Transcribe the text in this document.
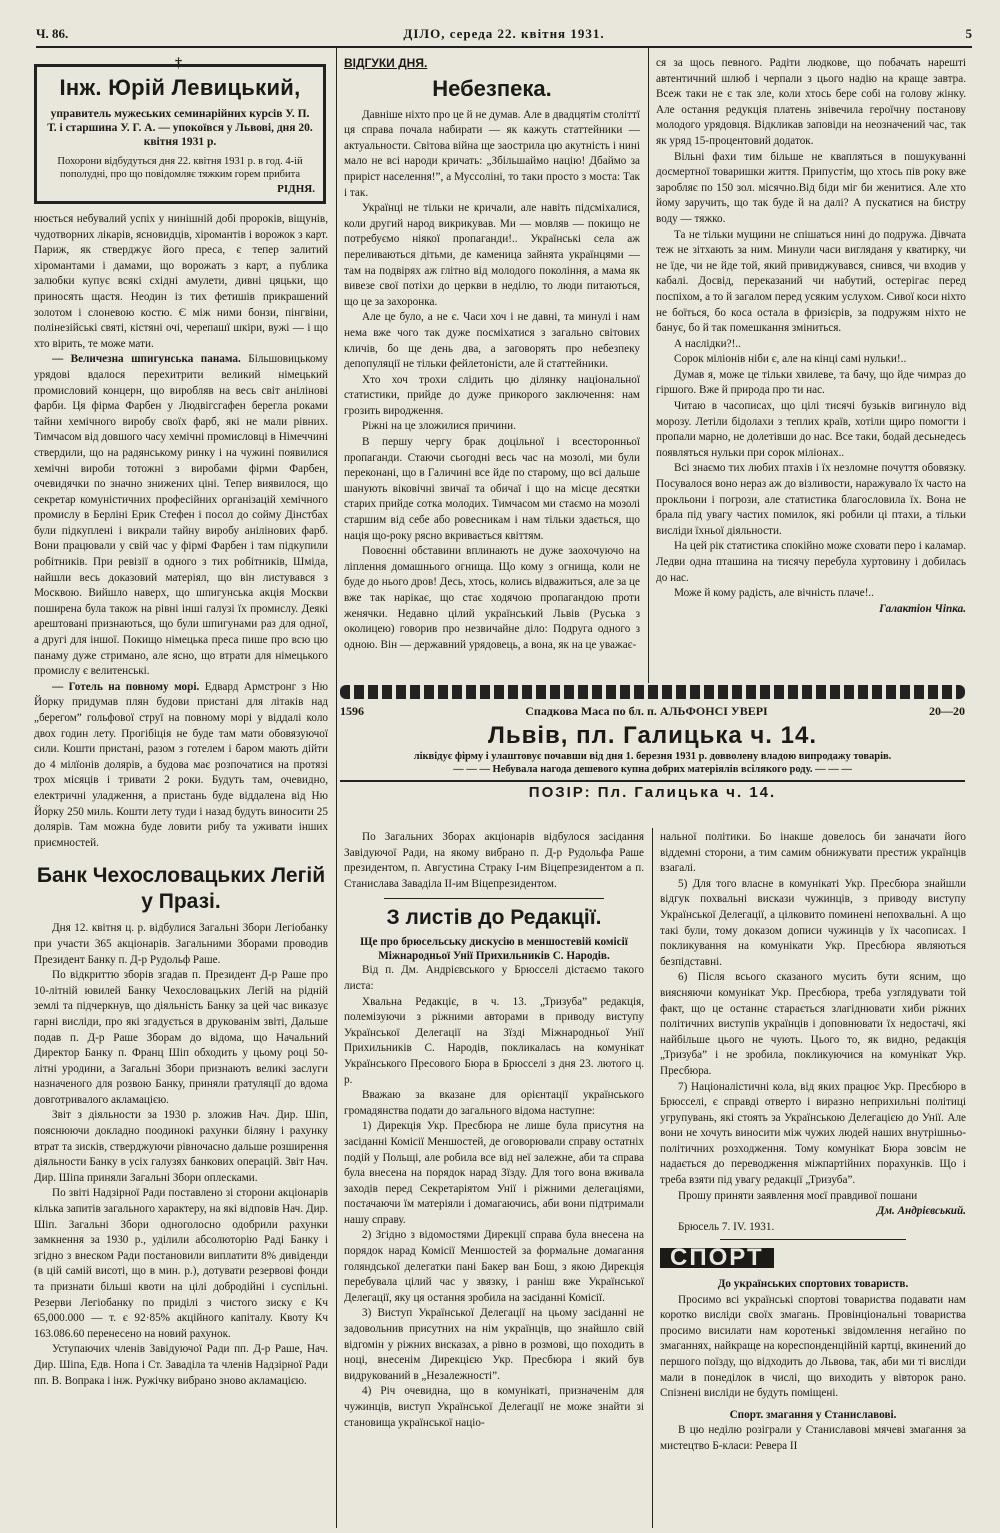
Ч. 86.	ДІЛО, середа 22. квітня 1931.	5
†
Інж. Юрій Левицький,
управитель мужеських семинарійних курсів У. П. Т. і старшина У. Г. А. — упокоївся у Львові, дня 20. квітня 1931 р.
Похорони відбудуться дня 22. квітня 1931 р. в год. 4-ій пополудні, про що повідомляє тяжким горем прибита
РІДНЯ.

нюється небувалий успіх у нинішній добі пророків, віщунів, чудотворних лікарів, ясновидців, хіромантів і ворожок з карт. Париж, як стверджує його преса, є тепер залитий хіромантами і дамами, що ворожать з карт, а публика залюбки купує всякі східні амулети, дивні цяцьки, що приносять щастя. Неодин із тих фетишів прикрашений золотом і слоневою костю. Є між ними бонзи, пінгвіни, полінезійські святі, кістяні очі, черепашї шкіри, вужі — і що хто вірить, те може мати.

— Величезна шпигунська панама. Більшовицькому урядові вдалося перехитрити великий німецький промисловий концерн, що виробляв на весь світ анілінові фарби. Ця фірма Фарбен у Людвігсгафен берегла роками тайни хемічного виробу своїх фарб, які не мали рівних. Тимчасом від довшого часу хемічні промисловці в Німеччині ствердили, що на радянському ринку і на чужині появилися хемічні вироби тотожні з виробами фірми Фарбен, очевидячки по значно знижених ціні. Тепер виявилося, що секретар комуністичних професійних організацій хемічного промислу в Берліні Ерик Стефен і посол до сойму Дінстбах були підкуплені і викрали тайну виробу анілінових фарб. Вони працювали у свій час у фірмі Фарбен і там підкупили робітників. При ревізії в одного з тих робітників, Шміда, найшли весь доказовий матеріял, що він листувався з Москвою. Вийшло наверх, що шпигунська акція Москви поширена була також на рівні інші галузі їх промислу. Деякі арештовані признаються, що були шпигунами раз для одної, а другі для іншої. Покищо німецька преса пише про всю цю панаму дуже стримано, але ясно, що втрати для німецького промислу є велитенські.

— Готель на повному морі. Едвард Армстронг з Ню Йорку придумав плян будови пристані для літаків над „берегом” гольфової струї на повному морі у віддалі коло двох годин лету. Прогібіція не буде там мати обовязуючої сили. Кошти пристані, разом з готелем і баром мають дійти до 4 мілїонів долярів, а будова має розпочатися на протязі трох місяців і тривати 2 роки. Будуть там, очевидно, електричні уладження, а пристань буде віддалена від Ню Йорку 250 миль. Кошти лету туди і назад будуть виносити 25 долярів. Там можна буде ловити рибу та уживати інших приємностей.

Банк Чехословацьких Легій
у Празі.

Дня 12. квітня ц. р. відбулися Загальні Збори Легіобанку при участи 365 акціонарів. Загальними Зборами проводив Президент Банку п. Д-р Рудольф Раше.

По відкриттю зборів згадав п. Президент Д-р Раше про 10-літній ювилей Банку Чехословацьких Легій на рідній землі та підчеркнув, що діяльність Банку за цей час виказує гарні висліди, про які згадується в друкованім звіті, Дальше подав п. Д-р Раше Зборам до відома, що Начальний Директор Банку п. Франц Шіп обходить у цьому році 50-літні уродини, а Загальні Збори признають великі заслуги назначеного для розвою Банку, приняли ґратуляції до вдома довготривалого акламацією.

Звіт з діяльности за 1930 р. зложив Нач. Дир. Шіп, пояснюючи докладно поодинокі рахунки біляну і рахунку втрат та зисків, стверджуючи рівночасно дальше розширення діяльности Банку в усіх галузях банкових операцій. Звіт Нач. Дир. Шіпа приняли Загальні Збори оплесками.

По звіті Надзірної Ради поставлено зі сторони акціонарів кілька запитів загального характеру, на які відповів Нач. Дир. Шіп. Загальні Збори одноголосно одобрили рахунки замкнення за 1930 р., уділили абсолюторію Раді Банку і згідно з внеском Ради постановили виплатити 8% дивіденди (в цій самій висоті, що в мин. р.), дотувати резервові фонди та признати більші квоти на цілі добродійні і суспільні. Резерви Легіобанку по приділі з чистого зиску є Кч 65,000.000 — т. є 92·85% акційного капіталу. Квоту Кч 163.086.60 перенесено на новий рахунок.

Уступаючих членів Завідуючої Ради пп. Д-р Раше, Нач. Дир. Шіпа, Едв. Нопа і Ст. Заваділа та членів Надзірної Ради пп. В. Вопрака і інж. Ружічку вибрано зново акламацією.

ВІДГУКИ ДНЯ.
Небезпека.

Давніше ніхто про це й не думав. Але в двадцятім століттї ця справа почала набирати — як кажуть статтейники — актуальности. Світова війна ще заострила цю акутність і нині мало не всі народи кричать: „Збільшаймо націю! Дбаймо за приріст населення!”, а Муссоліні, то таки просто з моста: Так і так.

Українці не тільки не кричали, але навіть підсміхалися, коли другий народ викрикував. Ми — мовляв — покищо не потребуємо ніякої пропаганди!.. Українські села аж переливаються дітьми, де каменица зайнята українцями — там на подвірях аж глітно від молодого покоління, а мама як вивезе свої потіхи до церкви в неділю, то люди питаються, що це за захоронка.

Але це було, а не є. Часи хоч і не давні, та минулі і нам нема вже чого так дуже посміхатися з загально світових кличів, бо ще день два, а заговорять про небезпеку депопуляції не тільки фейлетоністи, але й статтейники.

Хто хоч трохи слідить цю ділянку національної статистики, прийде до дуже прикорого заключення: нам грозить виродження.

Ріжні на це зложилися причини.

В першу чергу брак доцільної і всесторонньої пропаганди. Стаючи сьогодні весь час на мозолі, ми були переконані, що в Галичині все йде по старому, що всі дальше шанують віковічні звичаї та обичаї і що на місце десятки старих прийде сотка молодих. Тимчасом ми стаємо на мозолі старшим від себе або ровесникам і нам тільки здається, що нація що-року рясно вкривається квіттям.

Повоєнні обставини вплинають не дуже заохочуючо на ліплення домашнього огнища. Що кому з огнища, коли не буде до нього дров! Десь, хтось, колись відважиться, але за це вже так нарікає, що стає ходячою пропагандою проти женячки. Недавно цілий український Львів (Руська з околицею) говорив про незвичайне діло: Подруга одного з одною. Він — державний урядовець, а вона, як на це уважає-

ся за щось певного. Радіти людкове, що побачать нарешті автентичний шлюб і черпали з цього надію на краще завтра. Всеж таки не є так зле, коли хтось бере собі на голову жінку. Але остання редукція платень знівечила героїчну постанову молодого урядовця. Відкликав заповіди на неозначений час, так як уряд 15-процентовий додаток.

Вільні фахи тим більше не квапляться в пошукуванні досмертної товаришки життя. Припустім, що хтось пів року вже заробляє по 150 зол. місячно.Від біди міг би женитися. Але хто йому заручить, що так буде й на далі? А пускатися на бистру воду — тяжко.

Та не тільки мущини не спішаться нині до подружа. Дівчата теж не зітхають за ним. Минули часи вигляданя у кватирку, чи не їде, чи не йде той, який привиджувався, снився, чи входив у кабалі. Досвід, переказаний чи набутий, остерігає перед поспіхом, а то й загалом перед усяким услухом. Сивої коси ніхто не боїться, бо коса остала в фризієрів, за подружям ніхто не банує, бо й так помешкання зміниться.

А наслідки?!..

Сорок міліонів ніби є, але на кінці самі нульки!..

Думав я, може це тільки хвилеве, та бачу, що йде чимраз до гіршого. Вже й природа про ти нас.

Читаю в часописах, що цілі тисячі бузьків вигинуло від морозу. Летіли бідолахи з теплих країв, хотіли щиро помогти і пропали марно, не долетівши до нас. Все таки, бодай десьнедесь появляться нульки при сорок міліонах..

Всі знаємо тих любих птахів і їх незломне почуття обовязку. Посувалося воно нераз аж до візливости, наражувало їх часто на прокльони і погрози, але статистика благословила їх. Вона не брала під увагу частих помилок, які робили ці птахи, а тільки висліди їхньої діяльности.

На цей рік статистика спокійно може сховати перо і каламар. Ледви одна пташина на тисячу перебула хуртовину і добилась до нас.

Може й кому радість, але вічність плаче!..

Галактіон Чіпка.
1596	Спадкова Маса по бл. п. АЛЬФОНСІ УВЕРІ	20—20
Львів, пл. Галицька ч. 14.
ліквідує фірму і улаштовує почавши від дня 1. березня 1931 р. довволену владою випродажу товарів.
— — — Небувала нагода дешевого купна добрих матеріялів всілякого роду. — — —
ПОЗІР: Пл. Галицька ч. 14.

По Загальних Зборах акціонарів відбулося засідання Завідуючої Ради, на якому вибрано п. Д-р Рудольфа Раше президентом, п. Августина Страку І-им Віцепрезидентом а п. Станислава Заваділа ІІ-им Віцепрезидентом.

З листів до Редакції.

Ще про брюсельську дискусію в меншостевій комісії Міжнародньої Унії Прихильників С. Народів.

Від п. Дм. Андрієвського у Брюсселі дістаємо такого листа:

Хвальна Редакціє, в ч. 13. „Тризуба” редакція, полемізуючи з ріжними авторами в приводу виступу Української Делегації на Зїзді Міжнародньої Унії Прихильників С. Народів, покликалась на комунікат Українського Пресового Бюра в Брюсселі з дня 23. лютого ц. р.

Вважаю за вказане для орієнтації українського громадянства подати до загального відома наступне:

1) Дирекція Укр. Пресбюра не лише була присутня на засіданні Комісії Меншостей, де оговорювали справу остатніх подій у Польщі, але робила все від неї залежне, аби та справа була внесена на порядок нарад Зїзду. Для того вона вживала заходів перед Секретаріятом Унії і ріжними делегаціями, постачаючи їм матеріяли і домагаючись, аби вони підтримали нашу справу.

2) Згідно з відомостями Дирекції справа була внесена на порядок нарад Комісії Меншостей за формальне домагання голяндської делегатки пані Бакер ван Бош, з якою Дирекція перебувала цілий час у звязку, і раніш вже Української Делегації, яку ця остання зробила на засіданні Комісії.

3) Виступ Української Делегації на цьому засіданні не задовольнив присутних на нім українців, що знайшло свій відгомін у ріжних висказах, а рівно в розмові, що походить в ноці, внесенім Дирекцією Укр. Пресбюра і який був видрукований в „Незалежності”.

4) Річ очевидна, що в комунікаті, призначенім для чужинців, виступ Української Делегації не може знайти зі становища української націо-

нальної політики. Бо інакше довелось би заначати його віддемні сторони, а тим самим обнижувати престиж українців взагалі.

5) Для того власне в комунікаті Укр. Пресбюра знайшли відгук похвальні вискази чужинців, з приводу виступу Української Делегації, а цілковито поминені непохвальні. А що такі були, тому доказом допиcи чужинців у їх часописах. І покликування на комунікати Укр. Пресбюра являються безпідставні.

6) Після всього сказаного мусить бути ясним, що виясняючи комунікат Укр. Пресбюра, треба узглядувати той факт, що це останнє старається злагіднювати хиби ріжних політичних виступів українців і доповнювати їх недостачі, які найбільше цього не чують. Цього то, як видно, редакція „Тризуба” і не зробила, покликуючися на комунікат Укр. Пресбюра.

7) Націоналістичні кола, від яких працює Укр. Пресбюро в Брюсселі, є справді отверто і виразно неприхильні політиці угрупувань, які стоять за Українською Делегацією до Унії. Але вони не хочуть виносити між чужих людей наших внутрішньо-політичних розходження. Тому комунікат Бюра зовсім не надається до переводження міжпартійних порахунків. Що і треба взяти під увагу редакції „Тризуба”.

Прошу приняти заявлення моєї правдивої пошани

Дм. Андрієвський.

Брюсель 7. IV. 1931.

СПОРТ

До українських спортових товариств.

Просимо всі українські спортові товариства подавати нам коротко висліди своїх змагань. Провінціональні товариства просимо висилати нам коротенькі звідомлення негайно по змаганнях, найкраще на кореспонденційній картці, вкинений до першого поїзду, що відходить до Львова, так, аби ми ті висліди мали в понеділок в числі, що виходить у вівторок рано. Спізнені висліди не будуть поміщені.

Спорт. змагання у Станиславові.

В цю неділю розіграли у Станиславові мячеві змагання за мистецтво Б-класи: Ревера ІІ
